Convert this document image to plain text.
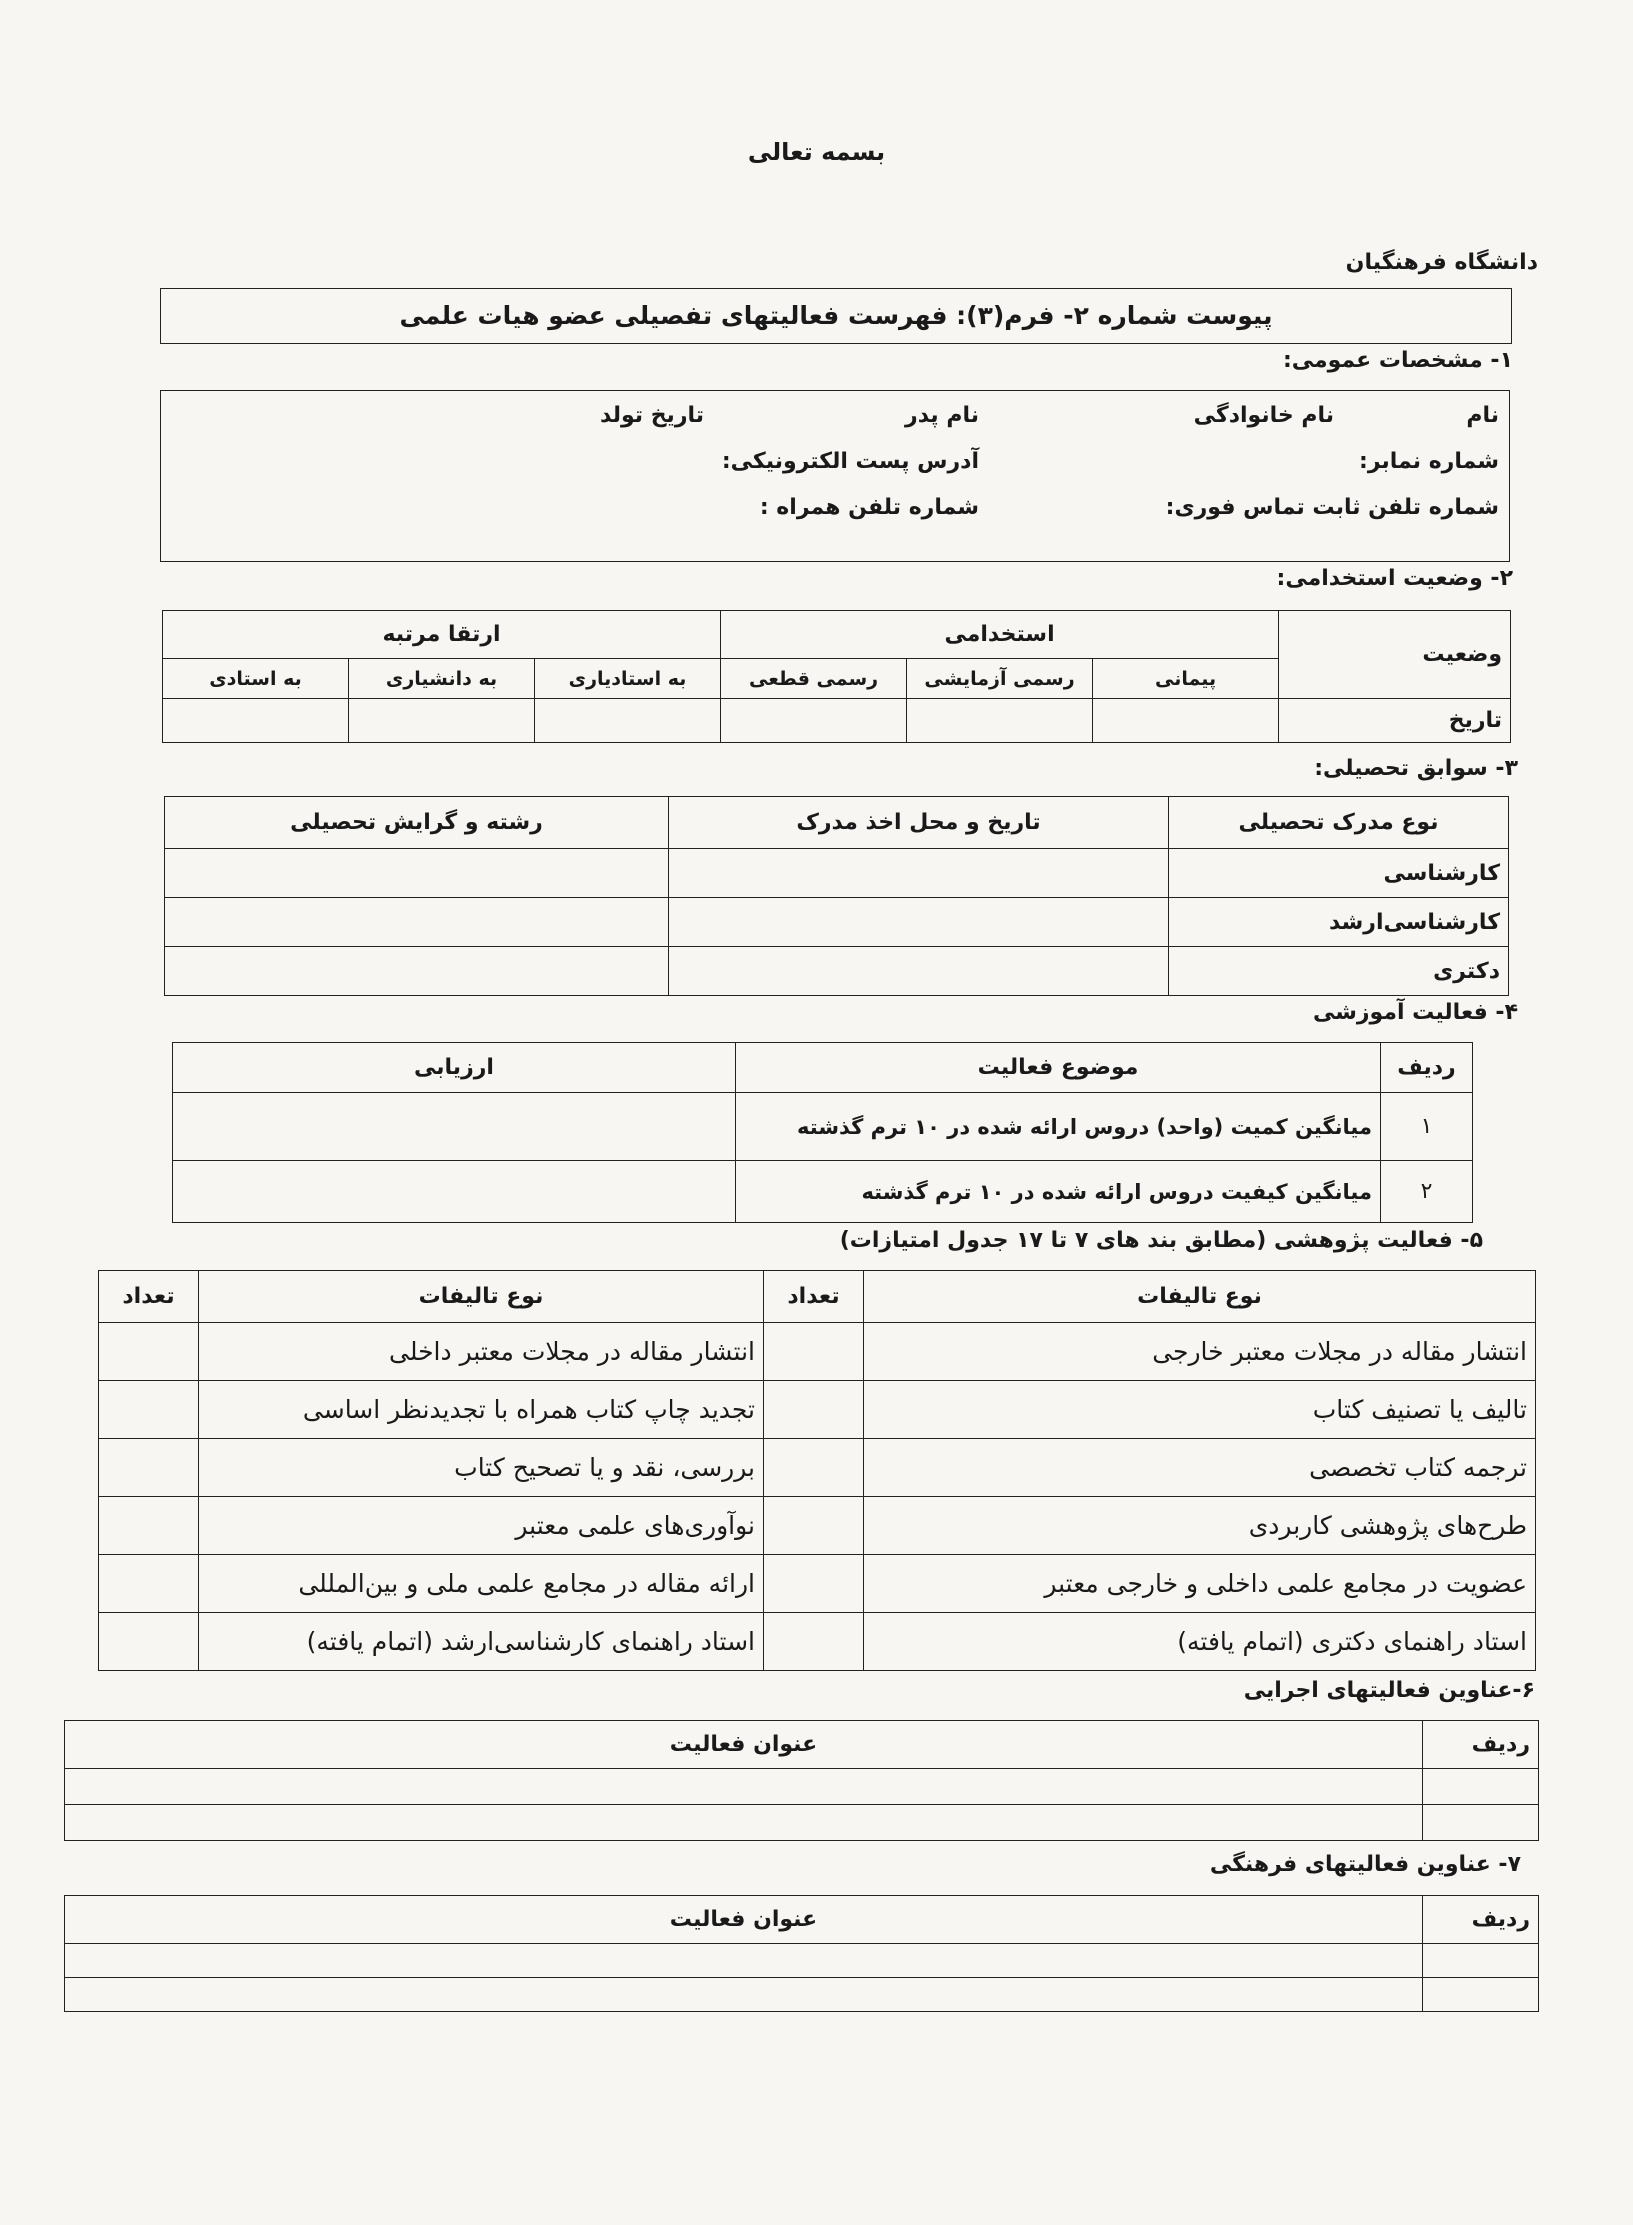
بسمه تعالی
دانشگاه فرهنگیان
پیوست شماره ۲- فرم(۳): فهرست فعالیتهای تفصیلی عضو هیات علمی
۱- مشخصات عمومی:
نام
نام خانوادگی
نام پدر
تاریخ تولد
شماره نمابر:
آدرس پست الکترونیکی:
شماره تلفن ثابت تماس فوری:
شماره تلفن همراه :
۲- وضعیت استخدامی:
وضعیت	استخدامی			ارتقا مرتبه		
	پیمانی	رسمی آزمایشی	رسمی قطعی	به استادیاری	به دانشیاری	به استادی
تاریخ						
۳- سوابق تحصیلی:
نوع مدرک تحصیلی	تاریخ و محل اخذ مدرک	رشته و گرایش تحصیلی
کارشناسی		
کارشناسی‌ارشد		
دکتری		
۴- فعالیت آموزشی
ردیف	موضوع فعالیت	ارزیابی
۱	میانگین کمیت (واحد) دروس ارائه شده در ۱۰ ترم گذشته	
۲	میانگین کیفیت دروس ارائه شده در ۱۰ ترم گذشته	
۵- فعالیت پژوهشی (مطابق بند های ۷ تا ۱۷ جدول امتیازات)
نوع تالیفات	تعداد	نوع تالیفات	تعداد
انتشار مقاله در مجلات معتبر خارجی		انتشار مقاله در مجلات معتبر داخلی	
تالیف یا تصنیف کتاب		تجدید چاپ کتاب همراه با تجدیدنظر اساسی	
ترجمه کتاب تخصصی		بررسی، نقد و یا تصحیح کتاب	
طرح‌های پژوهشی کاربردی		نوآوری‌های علمی معتبر	
عضویت در مجامع علمی داخلی و خارجی معتبر		ارائه مقاله در مجامع علمی ملی و بین‌المللی	
استاد راهنمای دکتری (اتمام یافته)		استاد راهنمای کارشناسی‌ارشد (اتمام یافته)	
۶-عناوین فعالیتهای اجرایی
ردیف	عنوان فعالیت

۷- عناوین فعالیتهای فرهنگی
ردیف	عنوان فعالیت
